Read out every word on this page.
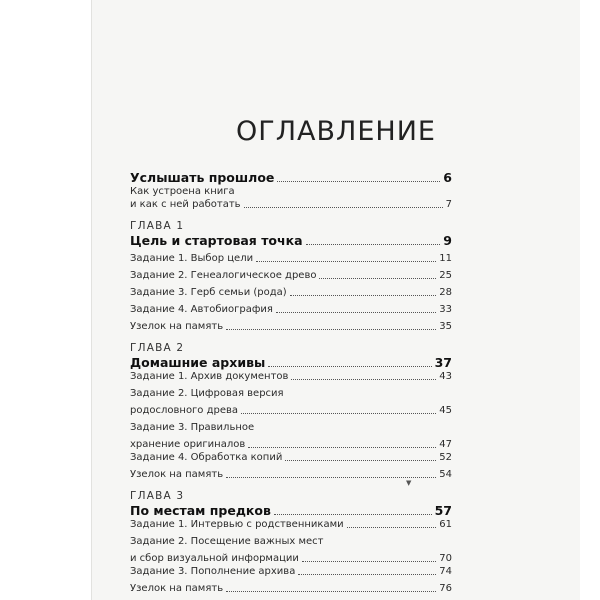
ОГЛАВЛЕНИЕ
Услышать прошлое	6
Как устроена книга
и как с ней работать	7
ГЛАВА 1
Цель и стартовая точка	9
Задание 1. Выбор цели	11
Задание 2. Генеалогическое древо	25
Задание 3. Герб семьи (рода)	28
Задание 4. Автобиография	33
Узелок на память	35
ГЛАВА 2
Домашние архивы	37
Задание 1. Архив документов	43
Задание 2. Цифровая версия
родословного древа	45
Задание 3. Правильное
хранение оригиналов	47
Задание 4. Обработка копий	52
Узелок на память	54
ГЛАВА 3
По местам предков	57
Задание 1. Интервью с родственниками	61
Задание 2. Посещение важных мест
и сбор визуальной информации	70
Задание 3. Пополнение архива	74
Узелок на память	76
▼
